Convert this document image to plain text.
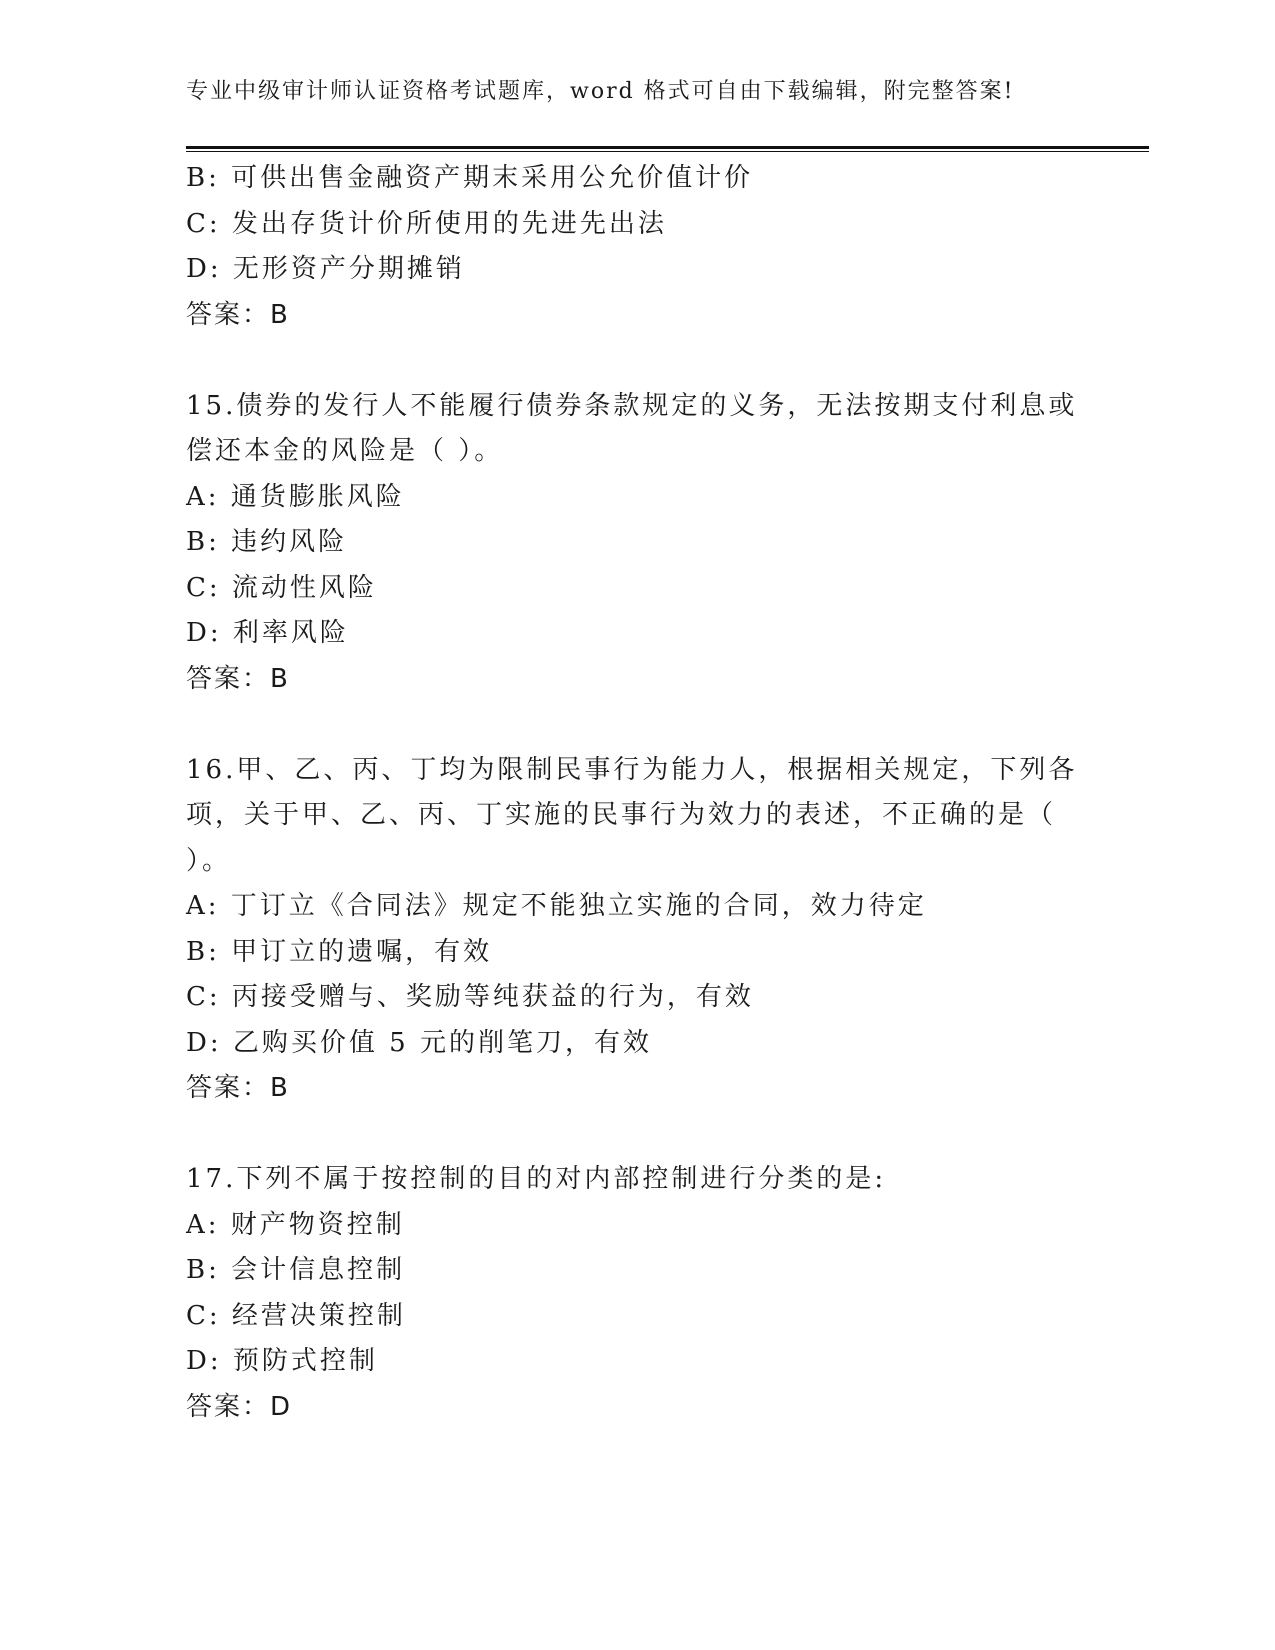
专业中级审计师认证资格考试题库，word 格式可自由下载编辑，附完整答案!
B: 可供出售金融资产期末采用公允价值计价
C: 发出存货计价所使用的先进先出法
D: 无形资产分期摊销
答案：B
15.债券的发行人不能履行债券条款规定的义务，无法按期支付利息或
偿还本金的风险是（ ）。
A: 通货膨胀风险
B: 违约风险
C: 流动性风险
D: 利率风险
答案：B
16.甲、乙、丙、丁均为限制民事行为能力人，根据相关规定，下列各
项，关于甲、乙、丙、丁实施的民事行为效力的表述，不正确的是（
）。
A: 丁订立《合同法》规定不能独立实施的合同，效力待定
B: 甲订立的遗嘱，有效
C: 丙接受赠与、奖励等纯获益的行为，有效
D: 乙购买价值 5 元的削笔刀，有效
答案：B
17.下列不属于按控制的目的对内部控制进行分类的是:
A: 财产物资控制
B: 会计信息控制
C: 经营决策控制
D: 预防式控制
答案：D
